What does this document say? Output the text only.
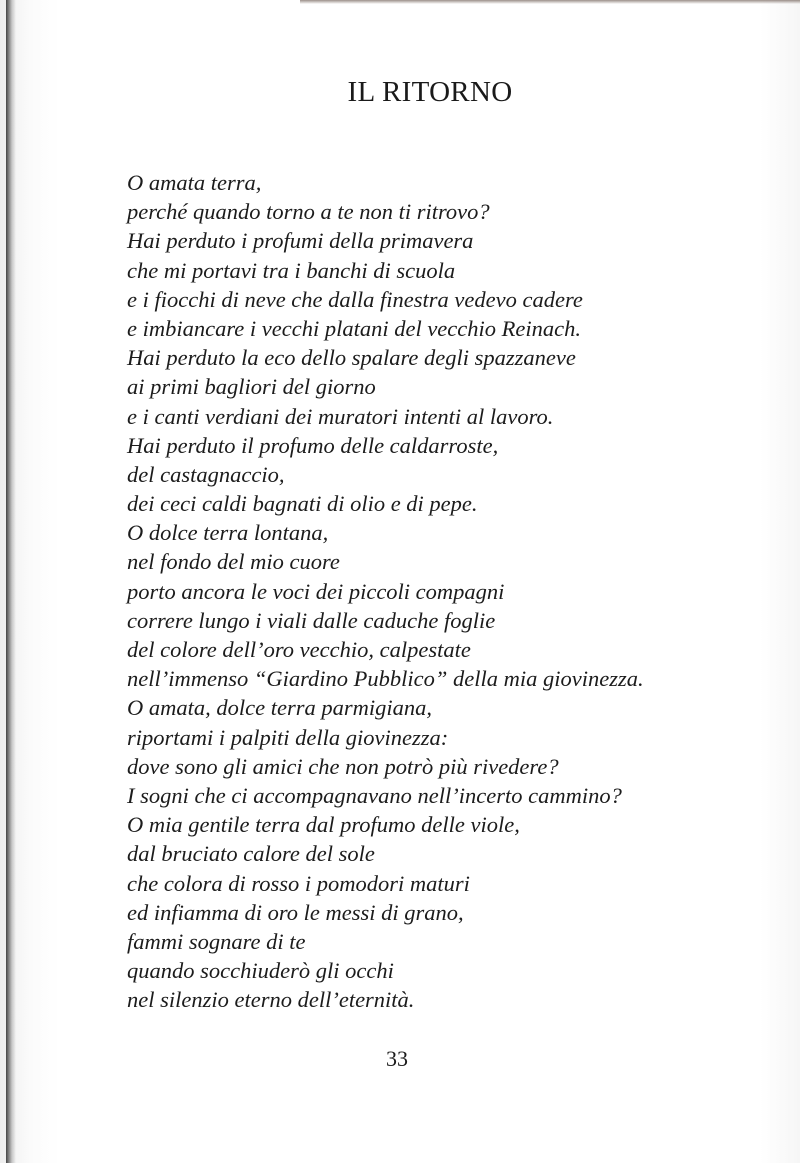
IL RITORNO
O amata terra,
perché quando torno a te non ti ritrovo?
Hai perduto i profumi della primavera
che mi portavi tra i banchi di scuola
e i fiocchi di neve che dalla finestra vedevo cadere
e imbiancare i vecchi platani del vecchio Reinach.
Hai perduto la eco dello spalare degli spazzaneve
ai primi bagliori del giorno
e i canti verdiani dei muratori intenti al lavoro.
Hai perduto il profumo delle caldarroste,
del castagnaccio,
dei ceci caldi bagnati di olio e di pepe.
O dolce terra lontana,
nel fondo del mio cuore
porto ancora le voci dei piccoli compagni
correre lungo i viali dalle caduche foglie
del colore dell’oro vecchio, calpestate
nell’immenso “Giardino Pubblico” della mia giovinezza.
O amata, dolce terra parmigiana,
riportami i palpiti della giovinezza:
dove sono gli amici che non potrò più rivedere?
I sogni che ci accompagnavano nell’incerto cammino?
O mia gentile terra dal profumo delle viole,
dal bruciato calore del sole
che colora di rosso i pomodori maturi
ed infiamma di oro le messi di grano,
fammi sognare di te
quando socchiuderò gli occhi
nel silenzio eterno dell’eternità.
33
